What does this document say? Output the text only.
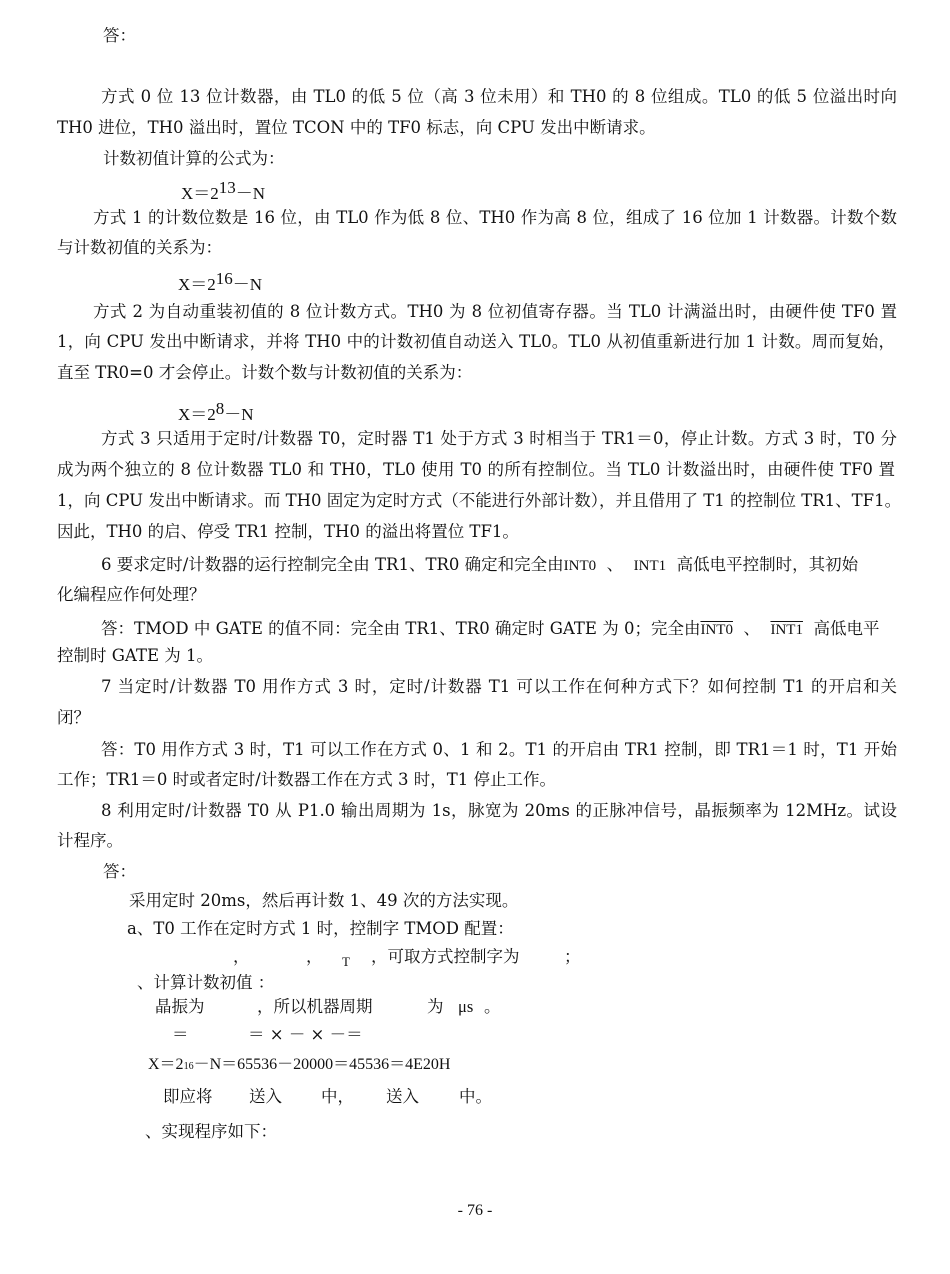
答：
方式 0 位 13 位计数器，由 TL0 的低 5 位（高 3 位未用）和 TH0 的 8 位组成。TL0 的低 5 位溢出时向
TH0 进位，TH0 溢出时，置位 TCON 中的 TF0 标志，向 CPU 发出中断请求。
计数初值计算的公式为：
$X=2^{13}-N$
方式 1 的计数位数是 16 位，由 TL0 作为低 8 位、TH0 作为高 8 位，组成了 16 位加 1 计数器。计数个数
与计数初值的关系为：
$X=2^{16}-N$
方式 2 为自动重装初值的 8 位计数方式。TH0 为 8 位初值寄存器。当 TL0 计满溢出时，由硬件使 TF0 置
1，向 CPU 发出中断请求，并将 TH0 中的计数初值自动送入 TL0。TL0 从初值重新进行加 1 计数。周而复始，
直至 TR0=0 才会停止。计数个数与计数初值的关系为：
$X=2^8-N$
方式 3 只适用于定时/计数器 T0，定时器 T1 处于方式 3 时相当于 TR1＝0，停止计数。方式 3 时，T0 分
成为两个独立的 8 位计数器 TL0 和 TH0，TL0 使用 T0 的所有控制位。当 TL0 计数溢出时，由硬件使 TF0 置
1，向 CPU 发出中断请求。而 TH0 固定为定时方式（不能进行外部计数），并且借用了 T1 的控制位 TR1、TF1。
因此，TH0 的启、停受 TR1 控制，TH0 的溢出将置位 TF1。
6 要求定时/计数器的运行控制完全由 TR1、TR0 确定和完全由INT0 、 INT1 高低电平控制时，其初始
化编程应作何处理？
答：TMOD 中 GATE 的值不同：完全由 TR1、TR0 确定时 GATE 为 0；完全由INT0 、 INT1 高低电平
控制时 GATE 为 1。
7 当定时/计数器 T0 用作方式 3 时，定时/计数器 T1 可以工作在何种方式下？如何控制 T1 的开启和关
闭？
答：T0 用作方式 3 时，T1 可以工作在方式 0、1 和 2。T1 的开启由 TR1 控制，即 TR1＝1 时，T1 开始
工作；TR1＝0 时或者定时/计数器工作在方式 3 时，T1 停止工作。
8 利用定时/计数器 T0 从 P1.0 输出周期为 1s，脉宽为 20ms 的正脉冲信号，晶振频率为 12MHz。试设
计程序。
答：
采用定时 20ms，然后再计数 1、49 次的方法实现。
a、T0 工作在定时方式 1 时，控制字 TMOD 配置：
，	， T ，可取方式控制字为	；
、计算计数初值 ：
晶振为	，所以机器周期	为 μs 。
＝	＝ × － × －＝
X＝216－N＝65536－20000＝45536＝4E20H
即应将 送入 中， 送入 中。
、实现程序如下：
- 76 -
